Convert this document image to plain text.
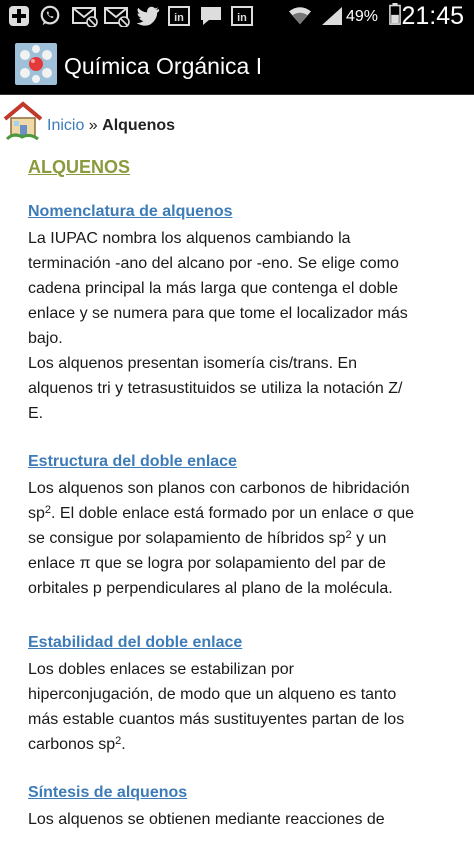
in	in	49% 21:45
Química Orgánica I
Inicio » Alquenos
ALQUENOS
Nomenclatura de alquenos
La IUPAC nombra los alquenos cambiando la
terminación -ano del alcano por -eno. Se elige como
cadena principal la más larga que contenga el doble
enlace y se numera para que tome el localizador más
bajo.
Los alquenos presentan isomería cis/trans. En
alquenos tri y tetrasustituidos se utiliza la notación Z/
E.
Estructura del doble enlace
Los alquenos son planos con carbonos de hibridación
$sp^2$. El doble enlace está formado por un enlace σ que
se consigue por solapamiento de híbridos $sp^2$ y un
enlace π que se logra por solapamiento del par de
orbitales p perpendiculares al plano de la molécula.
Estabilidad del doble enlace
Los dobles enlaces se estabilizan por
hiperconjugación, de modo que un alqueno es tanto
más estable cuantos más sustituyentes partan de los
carbonos $sp^2$.
Síntesis de alquenos
Los alquenos se obtienen mediante reacciones de
